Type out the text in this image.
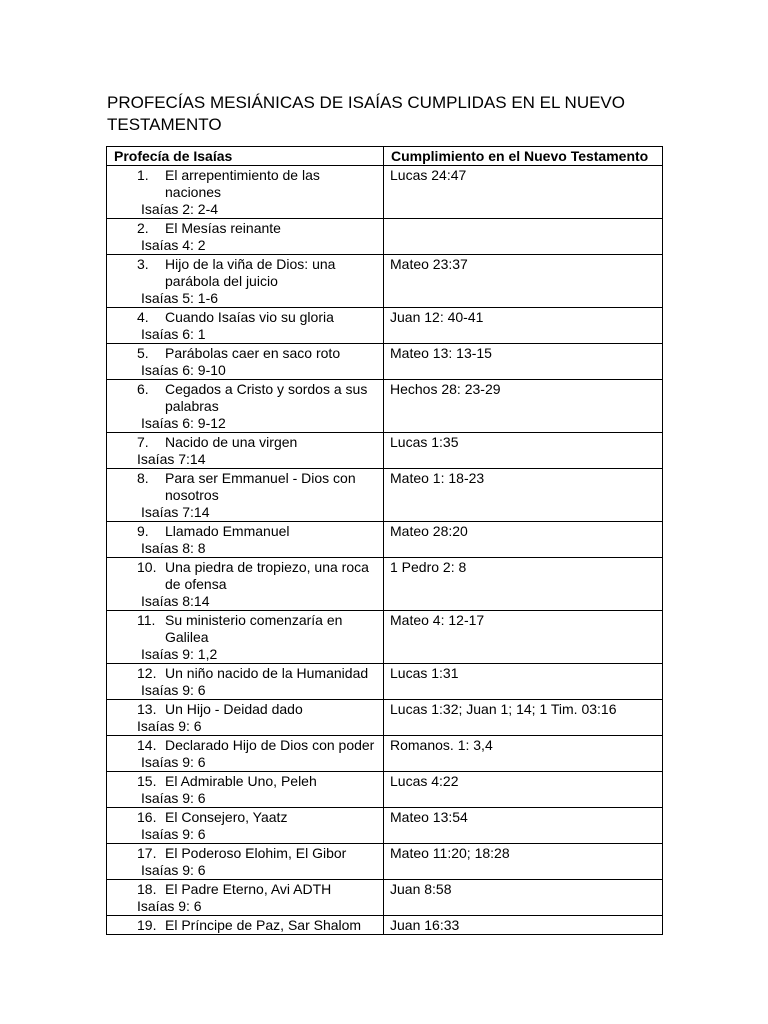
PROFECÍAS MESIÁNICAS DE ISAÍAS CUMPLIDAS EN EL NUEVO TESTAMENTO
Profecía de Isaías	Cumplimiento en el Nuevo Testamento

1. El arrepentimiento de las naciones
Isaías 2: 2-4	Lucas 24:47

2. El Mesías reinante
Isaías 4: 2	

3. Hijo de la viña de Dios: una parábola del juicio
Isaías 5: 1-6	Mateo 23:37

4. Cuando Isaías vio su gloria
Isaías 6: 1	Juan 12: 40-41

5. Parábolas caer en saco roto
Isaías 6: 9-10	Mateo 13: 13-15

6. Cegados a Cristo y sordos a sus palabras
Isaías 6: 9-12	Hechos 28: 23-29

7. Nacido de una virgen
Isaías 7:14	Lucas 1:35

8. Para ser Emmanuel - Dios con nosotros
Isaías 7:14	Mateo 1: 18-23

9. Llamado Emmanuel
Isaías 8: 8	Mateo 28:20

10. Una piedra de tropiezo, una roca de ofensa
Isaías 8:14	1 Pedro 2: 8

11. Su ministerio comenzaría en Galilea
Isaías 9: 1,2	Mateo 4: 12-17

12. Un niño nacido de la Humanidad
Isaías 9: 6	Lucas 1:31

13. Un Hijo - Deidad dado
Isaías 9: 6	Lucas 1:32; Juan 1; 14; 1 Tim. 03:16

14. Declarado Hijo de Dios con poder
Isaías 9: 6	Romanos. 1: 3,4

15. El Admirable Uno, Peleh
Isaías 9: 6	Lucas 4:22

16. El Consejero, Yaatz
Isaías 9: 6	Mateo 13:54

17. El Poderoso Elohim, El Gibor
Isaías 9: 6	Mateo 11:20; 18:28

18. El Padre Eterno, Avi ADTH
Isaías 9: 6	Juan 8:58

19. El Príncipe de Paz, Sar Shalom	Juan 16:33
